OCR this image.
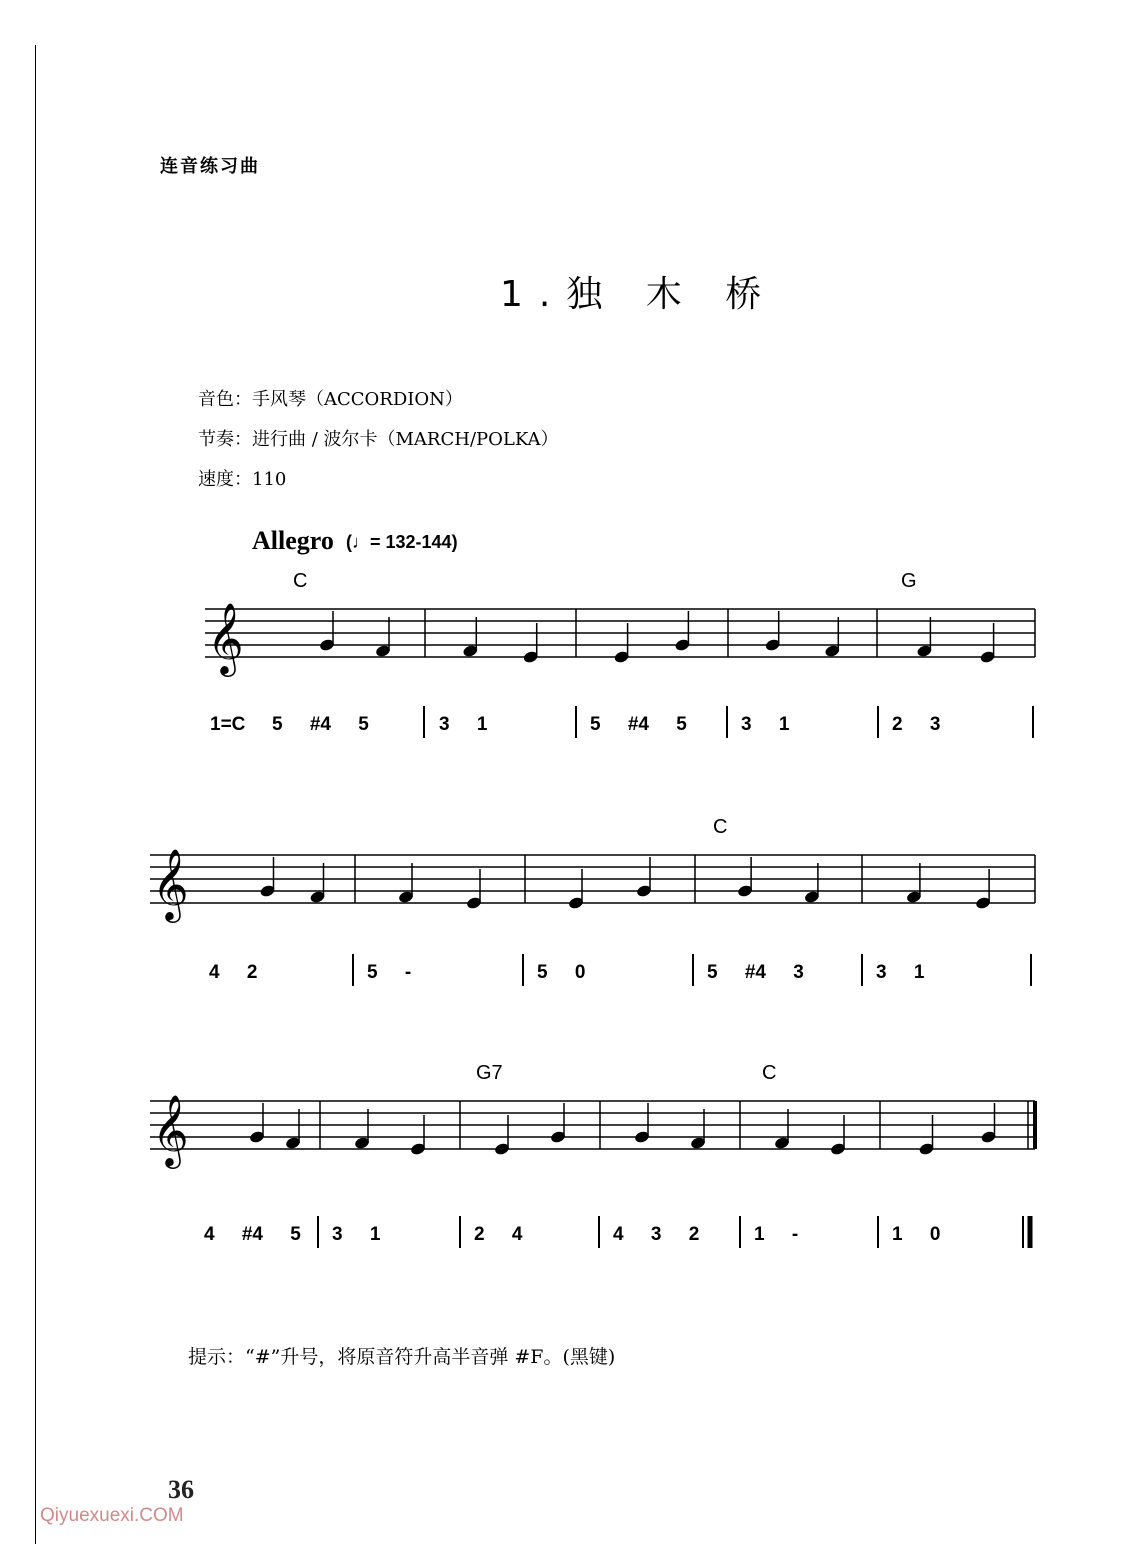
连音练习曲
1.独 木 桥
音色：手风琴（ACCORDION）
节奏：进行曲 / 波尔卡（MARCH/POLKA）
速度：110
Allegro (♩= 132-144)
𝄞
C	G
1=C 5 #4 5	3 1	5 #4 5	3 1	2 3
𝄞
C
4 2	5 -	5 0	5 #4 3	3 1
𝄞
G7	C
4 #4 5 3 1	2 4	4 3 2	1 -	1 0
提示：“#”升号，将原音符升高半音弹 #F。(黑键)
36
Qiyuexuexi.COM
